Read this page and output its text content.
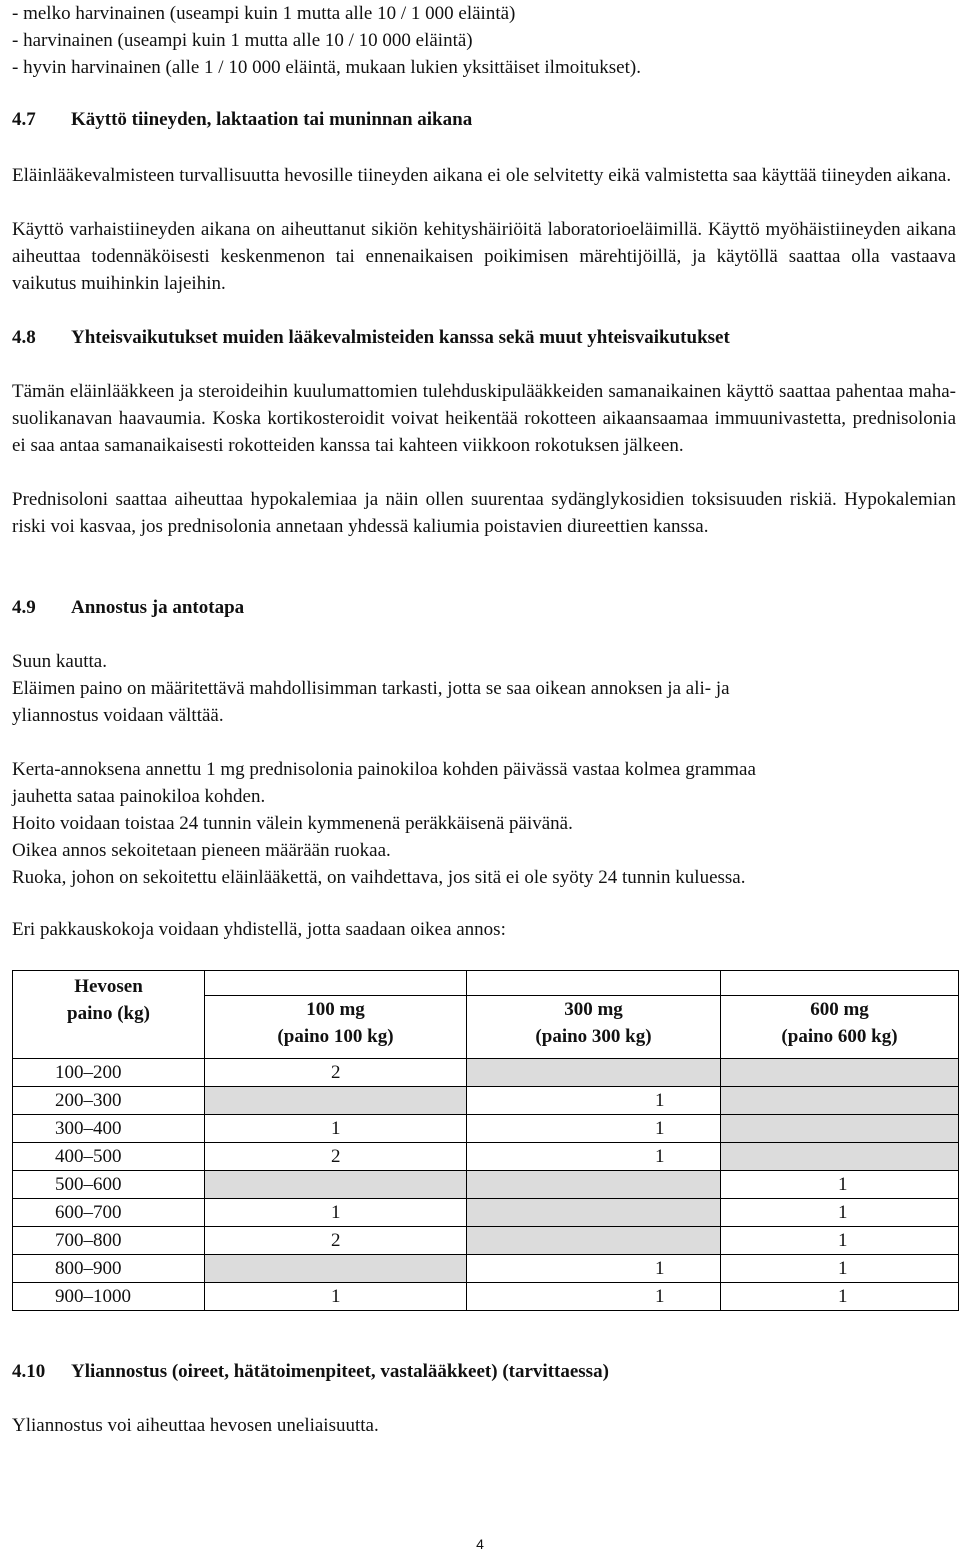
- melko harvinainen (useampi kuin 1 mutta alle 10 / 1 000 eläintä)
- harvinainen (useampi kuin 1 mutta alle 10 / 10 000 eläintä)
- hyvin harvinainen (alle 1 / 10 000 eläintä, mukaan lukien yksittäiset ilmoitukset).
4.7	Käyttö tiineyden, laktaation tai muninnan aikana

Eläinlääkevalmisteen turvallisuutta hevosille tiineyden aikana ei ole selvitetty eikä valmistetta saa käyttää tiineyden aikana.

Käyttö varhaistiineyden aikana on aiheuttanut sikiön kehityshäiriöitä laboratorioeläimillä. Käyttö myöhäistiineyden aikana aiheuttaa todennäköisesti keskenmenon tai ennenaikaisen poikimisen märehtijöillä, ja käytöllä saattaa olla vastaava vaikutus muihinkin lajeihin.

4.8	Yhteisvaikutukset muiden lääkevalmisteiden kanssa sekä muut yhteisvaikutukset

Tämän eläinlääkkeen ja steroideihin kuulumattomien tulehduskipulääkkeiden samanaikainen käyttö saattaa pahentaa maha-suolikanavan haavaumia. Koska kortikosteroidit voivat heikentää rokotteen aikaansaamaa immuunivastetta, prednisolonia ei saa antaa samanaikaisesti rokotteiden kanssa tai kahteen viikkoon rokotuksen jälkeen.

Prednisoloni saattaa aiheuttaa hypokalemiaa ja näin ollen suurentaa sydänglykosidien toksisuuden riskiä. Hypokalemian riski voi kasvaa, jos prednisolonia annetaan yhdessä kaliumia poistavien diureettien kanssa.

4.9	Annostus ja antotapa
Suun kautta.
Eläimen paino on määritettävä mahdollisimman tarkasti, jotta se saa oikean annoksen ja ali- ja
yliannostus voidaan välttää.
Kerta-annoksena annettu 1 mg prednisolonia painokiloa kohden päivässä vastaa kolmea grammaa
jauhetta sataa painokiloa kohden.
Hoito voidaan toistaa 24 tunnin välein kymmenenä peräkkäisenä päivänä.
Oikea annos sekoitetaan pieneen määrään ruokaa.
Ruoka, johon on sekoitettu eläinlääkettä, on vaihdettava, jos sitä ei ole syöty 24 tunnin kuluessa.
Eri pakkauskokoja voidaan yhdistellä, jotta saadaan oikea annos:
Hevosen
paino (kg)			

	100 mg
(paino 100 kg)	300 mg
(paino 300 kg)	600 mg
(paino 600 kg)

100–200	2		
200–300		1	
300–400	1	1	
400–500	2	1	
500–600			1
600–700	1		1
700–800	2		1
800–900		1	1
900–1000	1	1	1
4.10	Yliannostus (oireet, hätätoimenpiteet, vastalääkkeet) (tarvittaessa)

Yliannostus voi aiheuttaa hevosen uneliaisuutta.

4
